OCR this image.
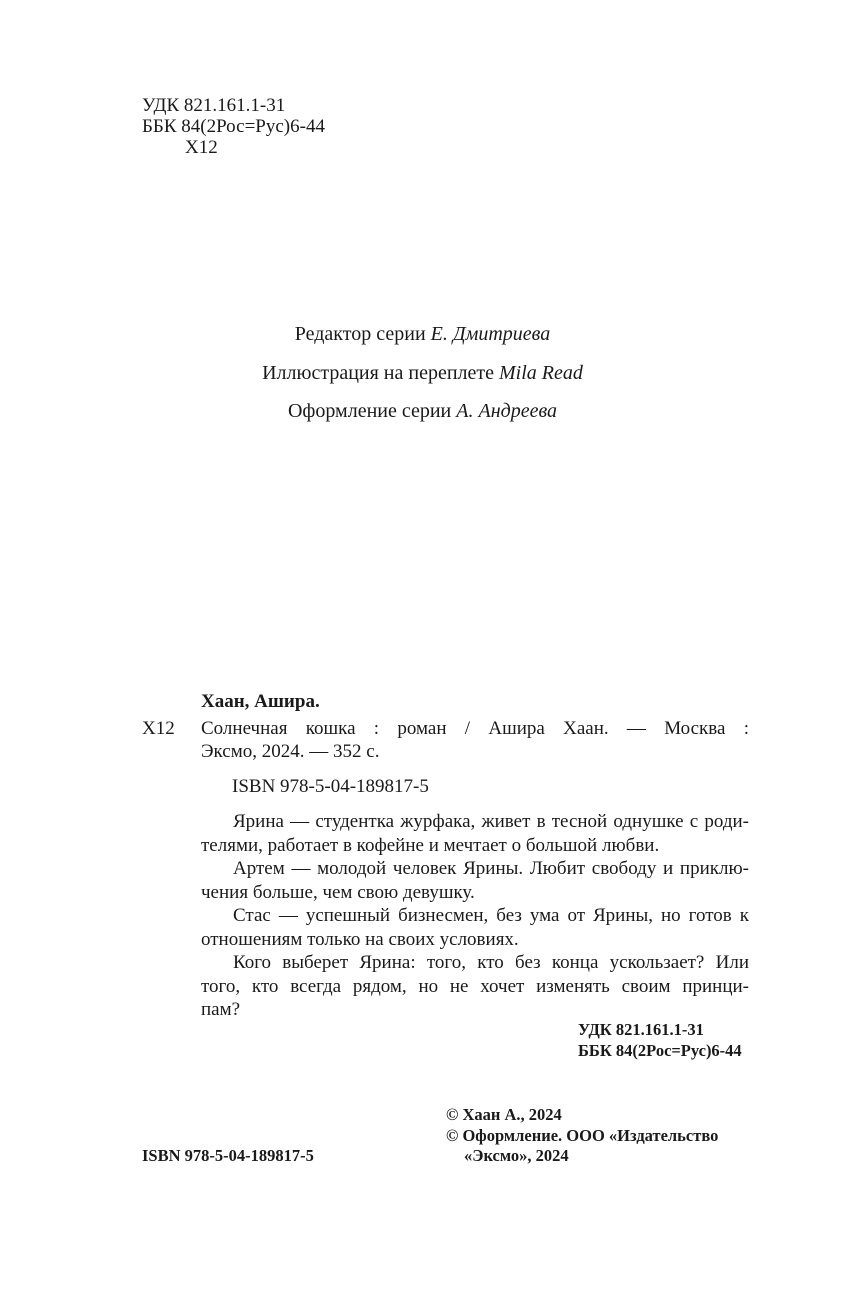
УДК 821.161.1-31
ББК 84(2Рос=Рус)6-44
Х12
Редактор серии Е. Дмитриева
Иллюстрация на переплете Mila Read
Оформление серии А. Андреева
Хаан, Ашира.
Х12 Солнечная кошка : роман / Ашира Хаан. — Москва :
Эксмо, 2024. — 352 с.
ISBN 978-5-04-189817-5
Ярина — студентка журфака, живет в тесной однушке с роди-
телями, работает в кофейне и мечтает о большой любви.
Артем — молодой человек Ярины. Любит свободу и приклю-
чения больше, чем свою девушку.
Стас — успешный бизнесмен, без ума от Ярины, но готов к
отношениям только на своих условиях.
Кого выберет Ярина: того, кто без конца ускользает? Или
того, кто всегда рядом, но не хочет изменять своим принци-
пам?
УДК 821.161.1-31
ББК 84(2Рос=Рус)6-44
© Хаан А., 2024
© Оформление. ООО «Издательство
«Эксмо», 2024
ISBN 978-5-04-189817-5
